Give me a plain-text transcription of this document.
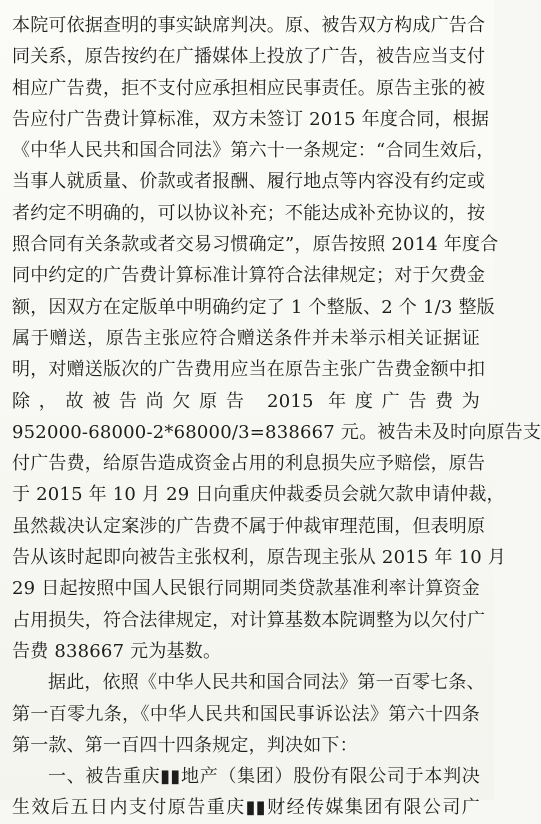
本院可依据查明的事实缺席判决。原、被告双方构成广告合
同关系，原告按约在广播媒体上投放了广告，被告应当支付
相应广告费，拒不支付应承担相应民事责任。原告主张的被
告应付广告费计算标准，双方未签订 2015 年度合同，根据
《中华人民共和国合同法》第六十一条规定：“合同生效后，
当事人就质量、价款或者报酬、履行地点等内容没有约定或
者约定不明确的，可以协议补充；不能达成补充协议的，按
照合同有关条款或者交易习惯确定”，原告按照 2014 年度合
同中约定的广告费计算标准计算符合法律规定；对于欠费金
额，因双方在定版单中明确约定了 1 个整版、2 个 1/3 整版
属于赠送，原告主张应符合赠送条件并未举示相关证据证
明，对赠送版次的广告费用应当在原告主张广告费金额中扣
除，故被告尚欠原告 2015 年度广告费为
952000-68000-2*68000/3=838667 元。被告未及时向原告支
付广告费，给原告造成资金占用的利息损失应予赔偿，原告
于 2015 年 10 月 29 日向重庆仲裁委员会就欠款申请仲裁，
虽然裁决认定案涉的广告费不属于仲裁审理范围，但表明原
告从该时起即向被告主张权利，原告现主张从 2015 年 10 月
29 日起按照中国人民银行同期同类贷款基准利率计算资金
占用损失，符合法律规定，对计算基数本院调整为以欠付广
告费 838667 元为基数。
据此，依照《中华人民共和国合同法》第一百零七条、
第一百零九条，《中华人民共和国民事诉讼法》第六十四条
第一款、第一百四十四条规定，判决如下：
一、被告重庆▮▮地产（集团）股份有限公司于本判决
生效后五日内支付原告重庆▮▮财经传媒集团有限公司广
